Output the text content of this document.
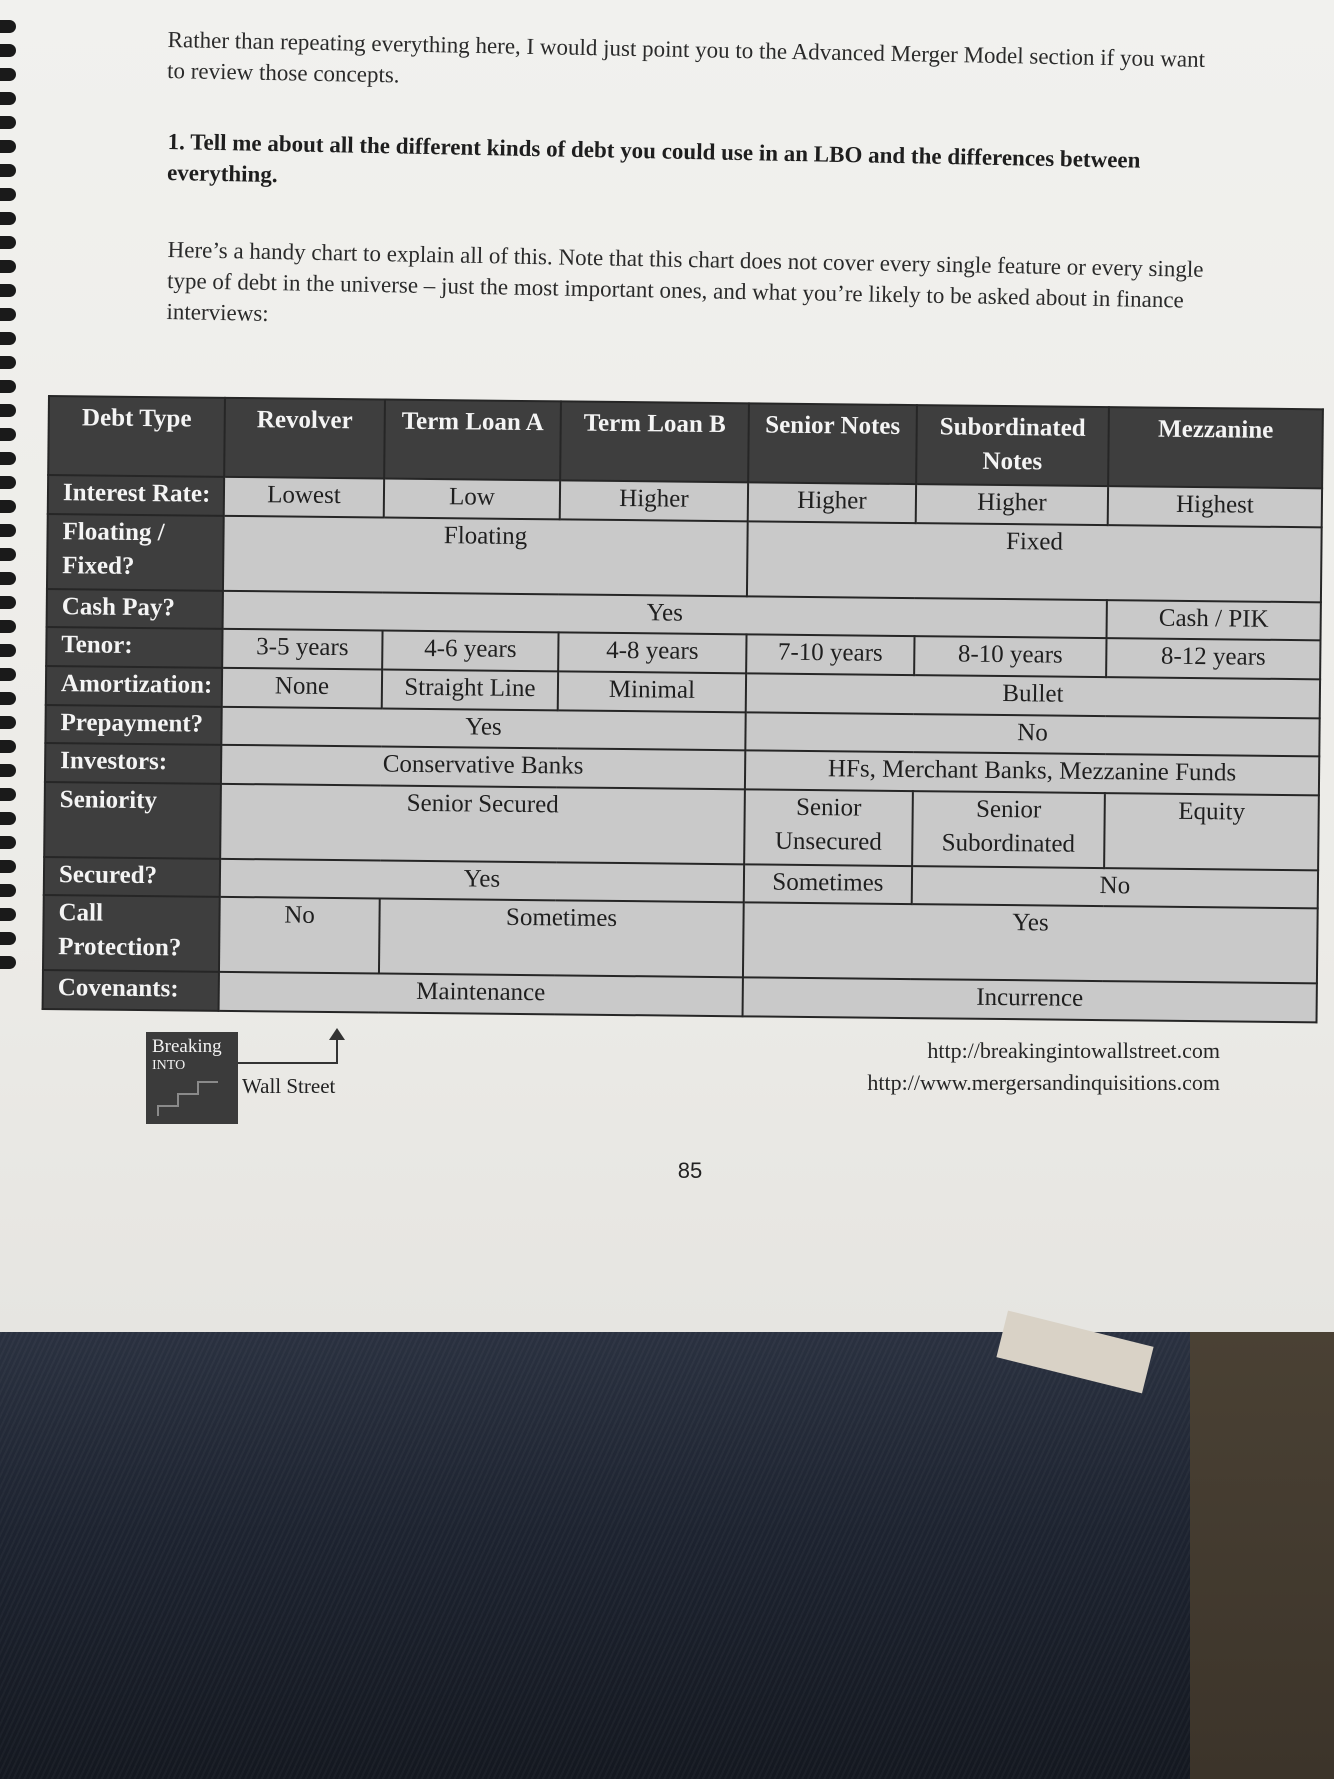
Rather than repeating everything here, I would just point you to the Advanced Merger Model section if you want to review those concepts.
1. Tell me about all the different kinds of debt you could use in an LBO and the differences between everything.
Here’s a handy chart to explain all of this. Note that this chart does not cover every single feature or every single type of debt in the universe – just the most important ones, and what you’re likely to be asked about in finance interviews:
Debt Type	Revolver	Term Loan A	Term Loan B	Senior Notes	Subordinated Notes	Mezzanine
Interest Rate:	Lowest	Low	Higher	Higher	Higher	Highest
Floating / Fixed?	Floating			Fixed		
Cash Pay?	Yes					Cash / PIK
Tenor:	3-5 years	4-6 years	4-8 years	7-10 years	8-10 years	8-12 years
Amortization:	None	Straight Line	Minimal	Bullet		
Prepayment?	Yes			No		
Investors:	Conservative Banks			HFs, Merchant Banks, Mezzanine Funds		
Seniority	Senior Secured			Senior Unsecured	Senior Subordinated	Equity
Secured?	Yes			Sometimes	No	
Call Protection?	No	Sometimes		Yes		
Covenants:	Maintenance			Incurrence		
Breaking
INTO
Wall Street
http://breakingintowallstreet.com
http://www.mergersandinquisitions.com
85
